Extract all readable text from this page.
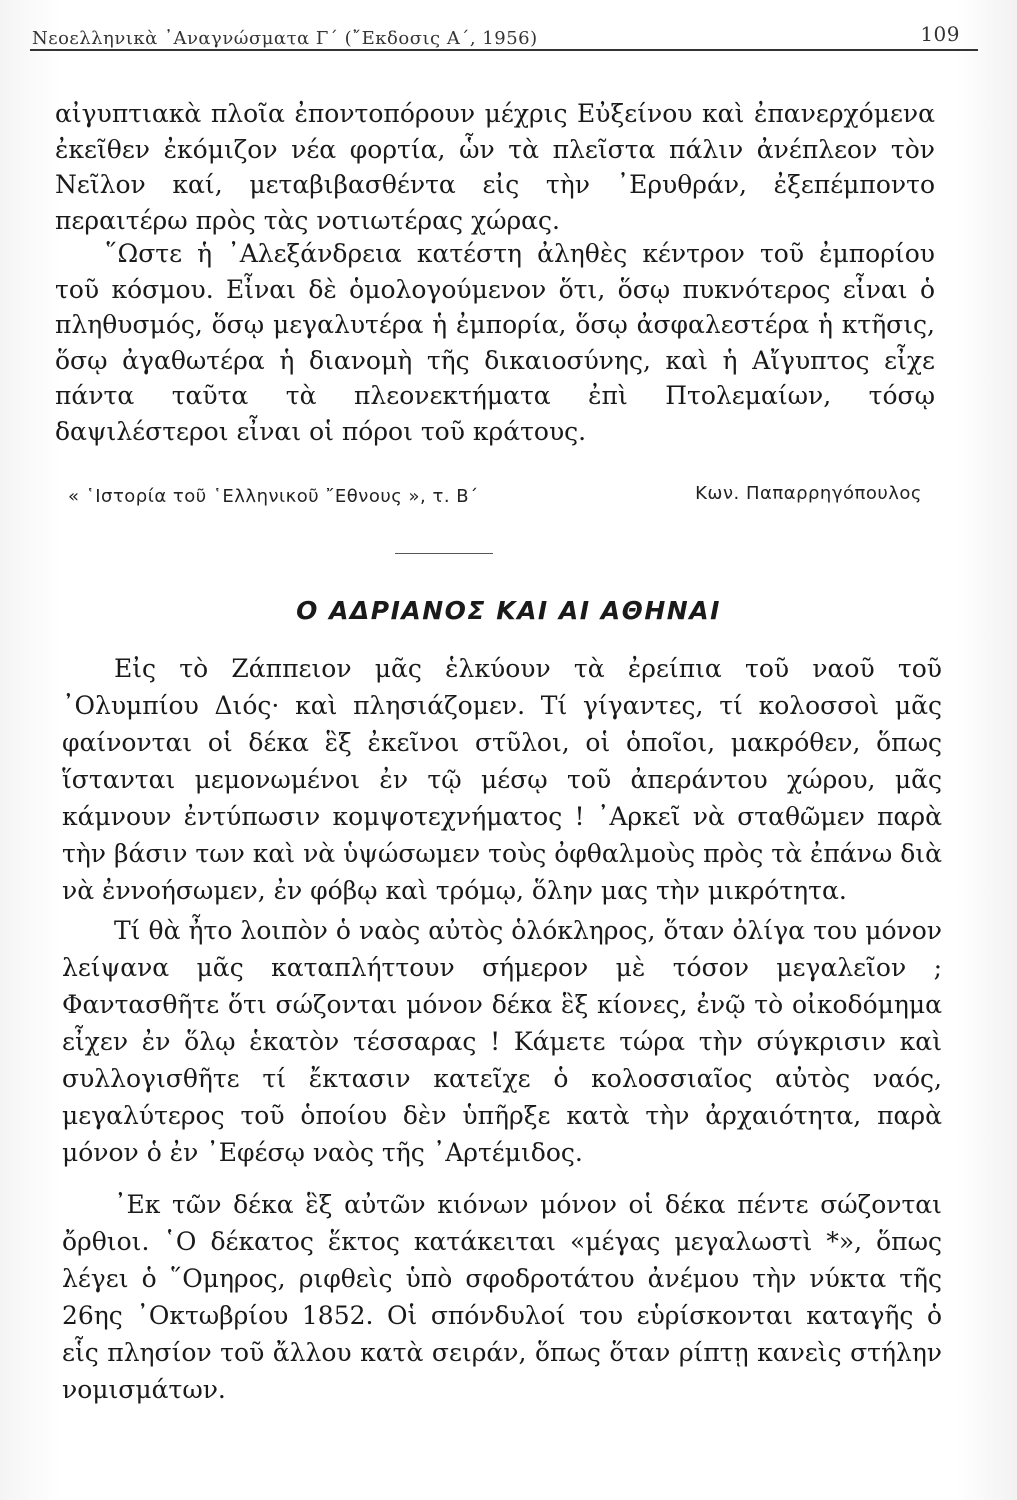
Νεοελληνικὰ ᾿Αναγνώσματα Γ΄ (῎Εκδοσις Α΄, 1956)	109

αἰγυπτιακὰ πλοῖα ἐποντοπόρουν μέχρις Εὐξείνου καὶ ἐπανερχόμενα ἐκεῖθεν ἐκόμιζον νέα φορτία, ὧν τὰ πλεῖστα πάλιν ἀνέπλεον τὸν Νεῖλον καί, μεταβιβασθέντα εἰς τὴν ᾿Ερυθράν, ἐξεπέμποντο περαιτέρω πρὸς τὰς νοτιωτέρας χώρας.

῞Ωστε ἡ ᾿Αλεξάνδρεια κατέστη ἀληθὲς κέντρον τοῦ ἐμπορίου τοῦ κόσμου. Εἶναι δὲ ὁμολογούμενον ὅτι, ὅσῳ πυκνότερος εἶναι ὁ πληθυσμός, ὅσῳ μεγαλυτέρα ἡ ἐμπορία, ὅσῳ ἀσφαλεστέρα ἡ κτῆσις, ὅσῳ ἀγαθωτέρα ἡ διανομὴ τῆς δικαιοσύνης, καὶ ἡ Αἴγυπτος εἶχε πάντα ταῦτα τὰ πλεονεκτήματα ἐπὶ Πτολεμαίων, τόσῳ δαψιλέστεροι εἶναι οἱ πόροι τοῦ κράτους.

« ῾Ιστορία τοῦ ῾Ελληνικοῦ ῎Εθνους », τ. Β΄	Κων. Παπαρρηγόπουλος
Ο ΑΔΡΙΑΝΟΣ ΚΑΙ ΑΙ ΑΘΗΝΑΙ

Εἰς τὸ Ζάππειον μᾶς ἑλκύουν τὰ ἐρείπια τοῦ ναοῦ τοῦ ᾿Ολυμπίου Διός· καὶ πλησιάζομεν. Τί γίγαντες, τί κολοσσοὶ μᾶς φαίνονται οἱ δέκα ἓξ ἐκεῖνοι στῦλοι, οἱ ὁποῖοι, μακρόθεν, ὅπως ἵστανται μεμονωμένοι ἐν τῷ μέσῳ τοῦ ἀπεράντου χώρου, μᾶς κάμνουν ἐντύπωσιν κομψοτεχνήματος ! ᾿Αρκεῖ νὰ σταθῶμεν παρὰ τὴν βάσιν των καὶ νὰ ὑψώσωμεν τοὺς ὀφθαλμοὺς πρὸς τὰ ἐπάνω διὰ νὰ ἐννοήσωμεν, ἐν φόβῳ καὶ τρόμῳ, ὅλην μας τὴν μικρότητα.

Τί θὰ ἦτο λοιπὸν ὁ ναὸς αὐτὸς ὁλόκληρος, ὅταν ὀλίγα του μόνον λείψανα μᾶς καταπλήττουν σήμερον μὲ τόσον μεγαλεῖον ; Φαντασθῆτε ὅτι σώζονται μόνον δέκα ἓξ κίονες, ἐνῷ τὸ οἰκοδόμημα εἶχεν ἐν ὅλῳ ἑκατὸν τέσσαρας ! Κάμετε τώρα τὴν σύγκρισιν καὶ συλλογισθῆτε τί ἔκτασιν κατεῖχε ὁ κολοσσιαῖος αὐτὸς ναός, μεγαλύτερος τοῦ ὁποίου δὲν ὑπῆρξε κατὰ τὴν ἀρχαιότητα, παρὰ μόνον ὁ ἐν ᾿Εφέσῳ ναὸς τῆς ᾿Αρτέμιδος.

᾿Εκ τῶν δέκα ἓξ αὐτῶν κιόνων μόνον οἱ δέκα πέντε σώζονται ὄρθιοι. ῾Ο δέκατος ἕκτος κατάκειται «μέγας μεγαλωστὶ *», ὅπως λέγει ὁ ῞Ομηρος, ριφθεὶς ὑπὸ σφοδροτάτου ἀνέμου τὴν νύκτα τῆς 26ης ᾿Οκτωβρίου 1852. Οἱ σπόνδυλοί του εὑρίσκονται καταγῆς ὁ εἷς πλησίον τοῦ ἄλλου κατὰ σειράν, ὅπως ὅταν ρίπτῃ κανεὶς στήλην νομισμάτων.
